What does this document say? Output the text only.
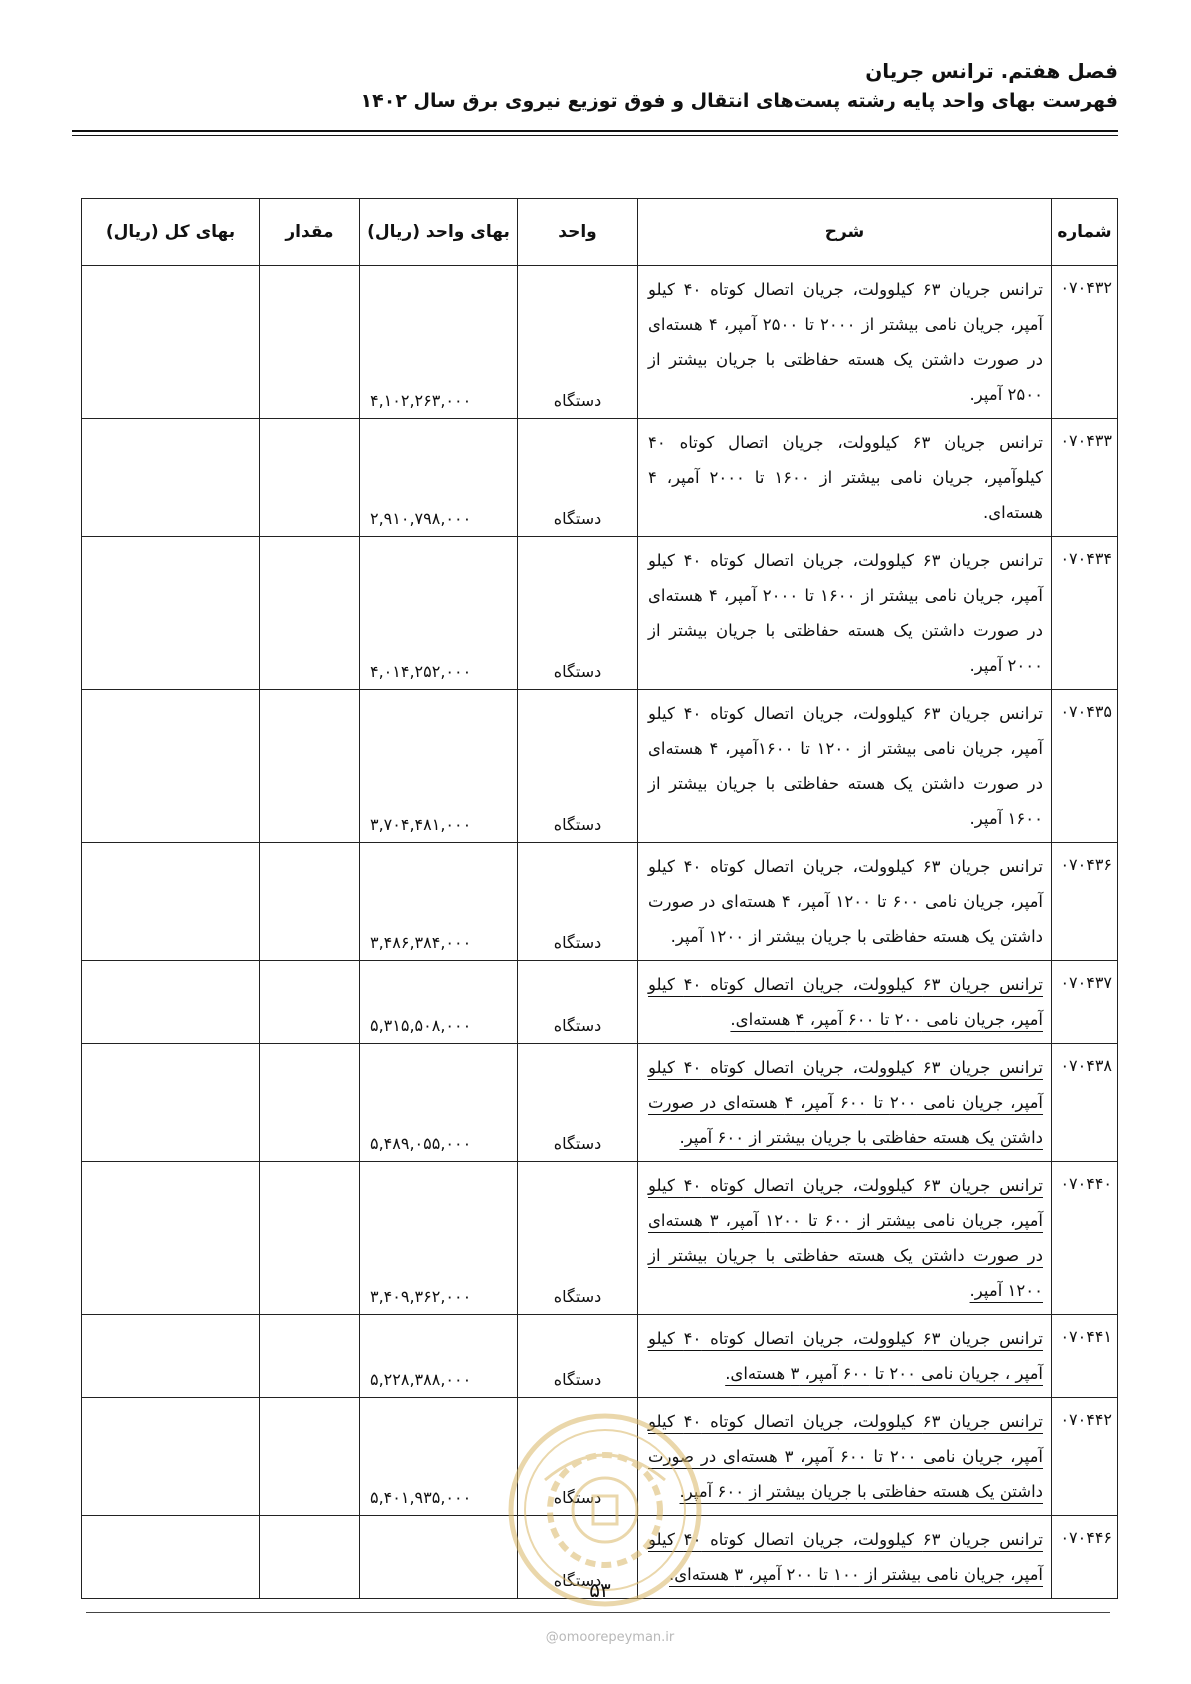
فصل هفتم. ترانس جریان
فهرست بهای واحد پایه رشته پست‌های انتقال و فوق توزیع نیروی برق سال ۱۴۰۲
شماره	شرح	واحد	بهای واحد (ریال)	مقدار	بهای کل (ریال)
۰۷۰۴۳۲	ترانس جریان ۶۳ کیلوولت، جریان اتصال کوتاه ۴۰ کیلو آمپر، جریان نامی بیشتر از ۲۰۰۰ تا ۲۵۰۰ آمپر، ۴ هسته‌ای در صورت داشتن یک هسته حفاظتی با جریان بیشتر از ۲۵۰۰ آمپر.	دستگاه	۴,۱۰۲,۲۶۳,۰۰۰		
۰۷۰۴۳۳	ترانس جریان ۶۳ کیلوولت، جریان اتصال کوتاه ۴۰ کیلوآمپر، جریان نامی بیشتر از ۱۶۰۰ تا ۲۰۰۰ آمپر، ۴ هسته‌ای.	دستگاه	۲,۹۱۰,۷۹۸,۰۰۰		
۰۷۰۴۳۴	ترانس جریان ۶۳ کیلوولت، جریان اتصال کوتاه ۴۰ کیلو آمپر، جریان نامی بیشتر از ۱۶۰۰ تا ۲۰۰۰ آمپر، ۴ هسته‌ای در صورت داشتن یک هسته حفاظتی با جریان بیشتر از ۲۰۰۰ آمپر.	دستگاه	۴,۰۱۴,۲۵۲,۰۰۰		
۰۷۰۴۳۵	ترانس جریان ۶۳ کیلوولت، جریان اتصال کوتاه ۴۰ کیلو آمپر، جریان نامی بیشتر از ۱۲۰۰ تا ۱۶۰۰آمپر، ۴ هسته‌ای در صورت داشتن یک هسته حفاظتی با جریان بیشتر از ۱۶۰۰ آمپر.	دستگاه	۳,۷۰۴,۴۸۱,۰۰۰		
۰۷۰۴۳۶	ترانس جریان ۶۳ کیلوولت، جریان اتصال کوتاه ۴۰ کیلو آمپر، جریان نامی ۶۰۰ تا ۱۲۰۰ آمپر، ۴ هسته‌ای در صورت داشتن یک هسته حفاظتی با جریان بیشتر از ۱۲۰۰ آمپر.	دستگاه	۳,۴۸۶,۳۸۴,۰۰۰		
۰۷۰۴۳۷	ترانس جریان ۶۳ کیلوولت، جریان اتصال کوتاه ۴۰ کیلو آمپر، جریان نامی ۲۰۰ تا ۶۰۰ آمپر، ۴ هسته‌ای.	دستگاه	۵,۳۱۵,۵۰۸,۰۰۰		
۰۷۰۴۳۸	ترانس جریان ۶۳ کیلوولت، جریان اتصال کوتاه ۴۰ کیلو آمپر، جریان نامی ۲۰۰ تا ۶۰۰ آمپر، ۴ هسته‌ای در صورت داشتن یک هسته حفاظتی با جریان بیشتر از ۶۰۰ آمپر.	دستگاه	۵,۴۸۹,۰۵۵,۰۰۰		
۰۷۰۴۴۰	ترانس جریان ۶۳ کیلوولت، جریان اتصال کوتاه ۴۰ کیلو آمپر، جریان نامی بیشتر از ۶۰۰ تا ۱۲۰۰ آمپر، ۳ هسته‌ای در صورت داشتن یک هسته حفاظتی با جریان بیشتر از ۱۲۰۰ آمپر.	دستگاه	۳,۴۰۹,۳۶۲,۰۰۰		
۰۷۰۴۴۱	ترانس جریان ۶۳ کیلوولت، جریان اتصال کوتاه ۴۰ کیلو آمپر ، جریان نامی ۲۰۰ تا ۶۰۰ آمپر، ۳ هسته‌ای.	دستگاه	۵,۲۲۸,۳۸۸,۰۰۰		
۰۷۰۴۴۲	ترانس جریان ۶۳ کیلوولت، جریان اتصال کوتاه ۴۰ کیلو آمپر، جریان نامی ۲۰۰ تا ۶۰۰ آمپر، ۳ هسته‌ای در صورت داشتن یک هسته حفاظتی با جریان بیشتر از ۶۰۰ آمپر.	دستگاه	۵,۴۰۱,۹۳۵,۰۰۰		
۰۷۰۴۴۶	ترانس جریان ۶۳ کیلوولت، جریان اتصال کوتاه ۴۰ کیلو آمپر، جریان نامی بیشتر از ۱۰۰ تا ۲۰۰ آمپر، ۳ هسته‌ای.	دستگاه			
۵۳
@omoorepeyman.ir
